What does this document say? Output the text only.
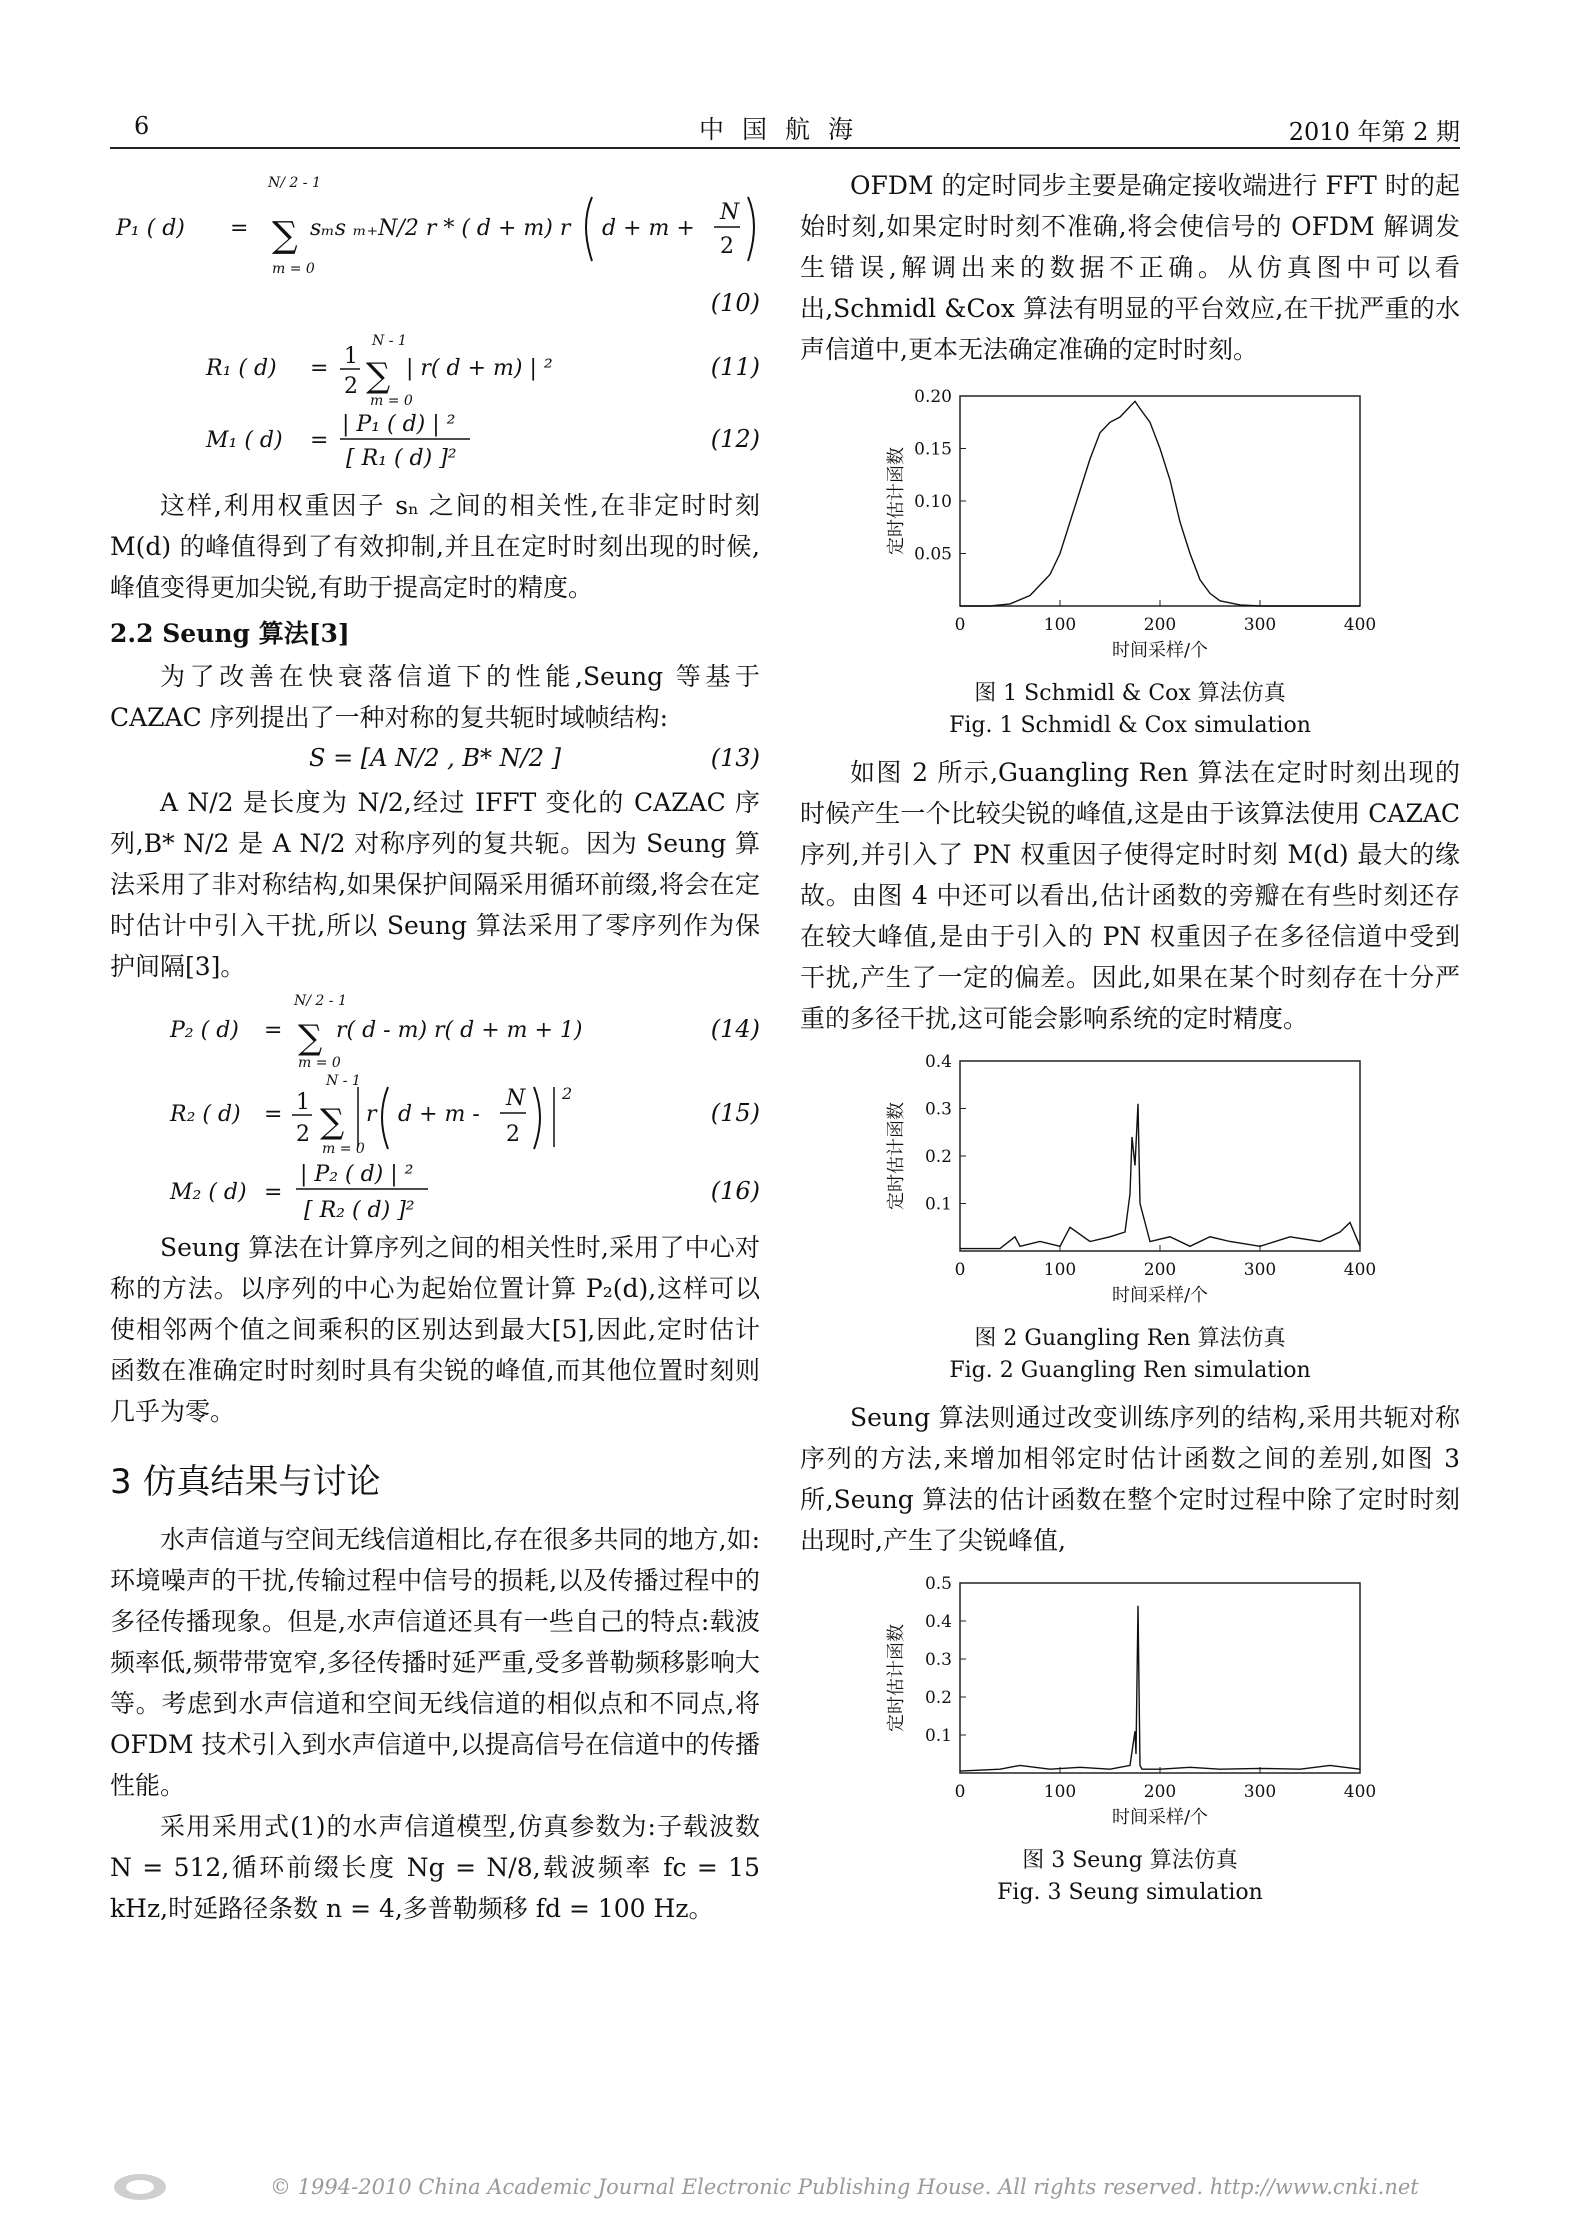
6	中国航海	2010 年第 2 期
P₁ ( d) =
N/ 2 - 1
∑
m = 0
sₘs ₘ₊N/2 r * ( d + m) r d + m +
N
2
(10)
R₁ ( d) = 1
2
N - 1
∑
m = 0
| r( d + m) | ²	(11)
M₁ ( d) =
| P₁ ( d) | ²
[ R₁ ( d) ]²
(12)

这样,利用权重因子 sₙ 之间的相关性,在非定时时刻 M(d) 的峰值得到了有效抑制,并且在定时时刻出现的时候,峰值变得更加尖锐,有助于提高定时的精度。

2.2 Seung 算法[3]

为了改善在快衰落信道下的性能,Seung 等基于 CAZAC 序列提出了一种对称的复共轭时域帧结构:

S = [A N/2 , B* N/2 ]	(13)

A N/2 是长度为 N/2,经过 IFFT 变化的 CAZAC 序列,B* N/2 是 A N/2 对称序列的复共轭。因为 Seung 算法采用了非对称结构,如果保护间隔采用循环前缀,将会在定时估计中引入干扰,所以 Seung 算法采用了零序列作为保护间隔[3]。

P₂ ( d) =
N/ 2 - 1
∑
m = 0
r( d - m) r( d + m + 1)	(14)
R₂ ( d) = 1
2
N - 1
∑
m = 0
r d + m -
N
2
2
(15)
M₂ ( d) =
| P₂ ( d) | ²
[ R₂ ( d) ]²
(16)

Seung 算法在计算序列之间的相关性时,采用了中心对称的方法。以序列的中心为起始位置计算 P₂(d),这样可以使相邻两个值之间乘积的区别达到最大[5],因此,定时估计函数在准确定时时刻时具有尖锐的峰值,而其他位置时刻则几乎为零。

3 仿真结果与讨论

水声信道与空间无线信道相比,存在很多共同的地方,如:环境噪声的干扰,传输过程中信号的损耗,以及传播过程中的多径传播现象。但是,水声信道还具有一些自己的特点:载波频率低,频带带宽窄,多径传播时延严重,受多普勒频移影响大等。考虑到水声信道和空间无线信道的相似点和不同点,将 OFDM 技术引入到水声信道中,以提高信号在信道中的传播性能。

采用采用式(1)的水声信道模型,仿真参数为:子载波数 N = 512,循环前缀长度 Ng = N/8,载波频率 fc = 15 kHz,时延路径条数 n = 4,多普勒频移 fd = 100 Hz。

OFDM 的定时同步主要是确定接收端进行 FFT 时的起始时刻,如果定时时刻不准确,将会使信号的 OFDM 解调发生错误,解调出来的数据不正确。从仿真图中可以看出,Schmidl &Cox 算法有明显的平台效应,在干扰严重的水声信道中,更本无法确定准确的定时时刻。

0.05
0.10
0.15
0.20
0	100	200	300	400
时间采样/个
定时估计函数
图 1 Schmidl & Cox 算法仿真
Fig. 1 Schmidl & Cox simulation

如图 2 所示,Guangling Ren 算法在定时时刻出现的时候产生一个比较尖锐的峰值,这是由于该算法使用 CAZAC 序列,并引入了 PN 权重因子使得定时时刻 M(d) 最大的缘故。由图 4 中还可以看出,估计函数的旁瓣在有些时刻还存在较大峰值,是由于引入的 PN 权重因子在多径信道中受到干扰,产生了一定的偏差。因此,如果在某个时刻存在十分严重的多径干扰,这可能会影响系统的定时精度。

0.1
0.2
0.3
0.4
0	100	200	300	400
时间采样/个
定时估计函数
图 2 Guangling Ren 算法仿真
Fig. 2 Guangling Ren simulation

Seung 算法则通过改变训练序列的结构,采用共轭对称序列的方法,来增加相邻定时估计函数之间的差别,如图 3 所,Seung 算法的估计函数在整个定时过程中除了定时时刻出现时,产生了尖锐峰值,

0.1
0.2
0.3
0.4
0.5
0	100	200	300	400
时间采样/个
定时估计函数
图 3 Seung 算法仿真
Fig. 3 Seung simulation
© 1994-2010 China Academic Journal Electronic Publishing House. All rights reserved. http://www.cnki.net
